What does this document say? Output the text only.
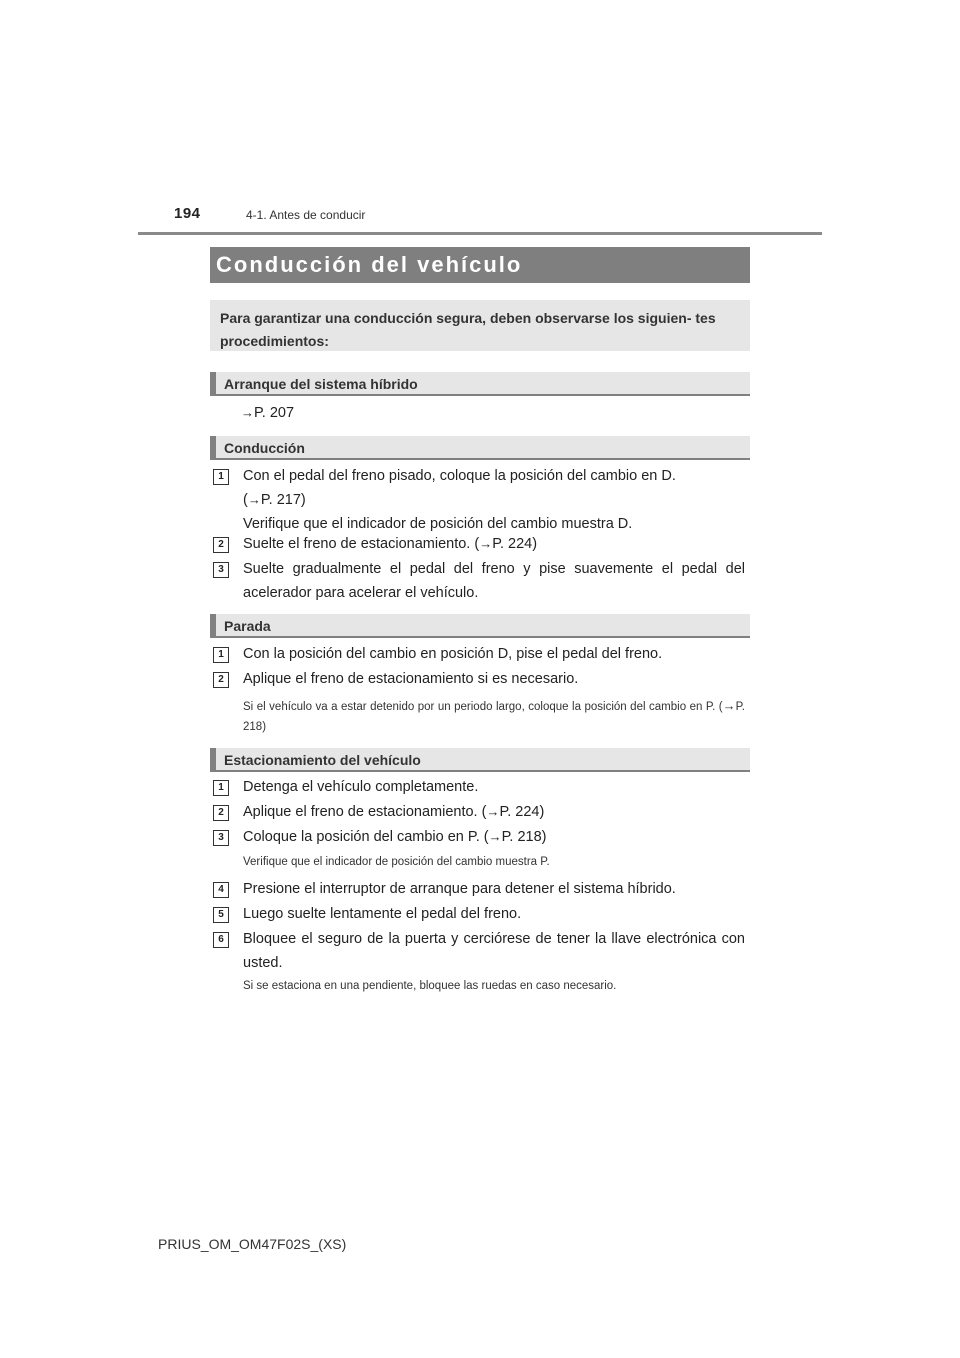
194	4-1. Antes de conducir
Conducción del vehículo
Para garantizar una conducción segura, deben observarse los siguien- tes procedimientos:
Arranque del sistema híbrido
→P. 207
Conducción
1	Con el pedal del freno pisado, coloque la posición del cambio en D.
(→P. 217)
Verifique que el indicador de posición del cambio muestra D.
2	Suelte el freno de estacionamiento. (→P. 224)
3	Suelte gradualmente el pedal del freno y pise suavemente el pedal del acelerador para acelerar el vehículo.
Parada
1	Con la posición del cambio en posición D, pise el pedal del freno.
2	Aplique el freno de estacionamiento si es necesario.
Si el vehículo va a estar detenido por un periodo largo, coloque la posición del cambio en P. (→P. 218)
Estacionamiento del vehículo
1	Detenga el vehículo completamente.
2	Aplique el freno de estacionamiento. (→P. 224)
3	Coloque la posición del cambio en P. (→P. 218)
Verifique que el indicador de posición del cambio muestra P.
4	Presione el interruptor de arranque para detener el sistema híbrido.
5	Luego suelte lentamente el pedal del freno.
6	Bloquee el seguro de la puerta y cerciórese de tener la llave electrónica con usted.
Si se estaciona en una pendiente, bloquee las ruedas en caso necesario.
PRIUS_OM_OM47F02S_(XS)
